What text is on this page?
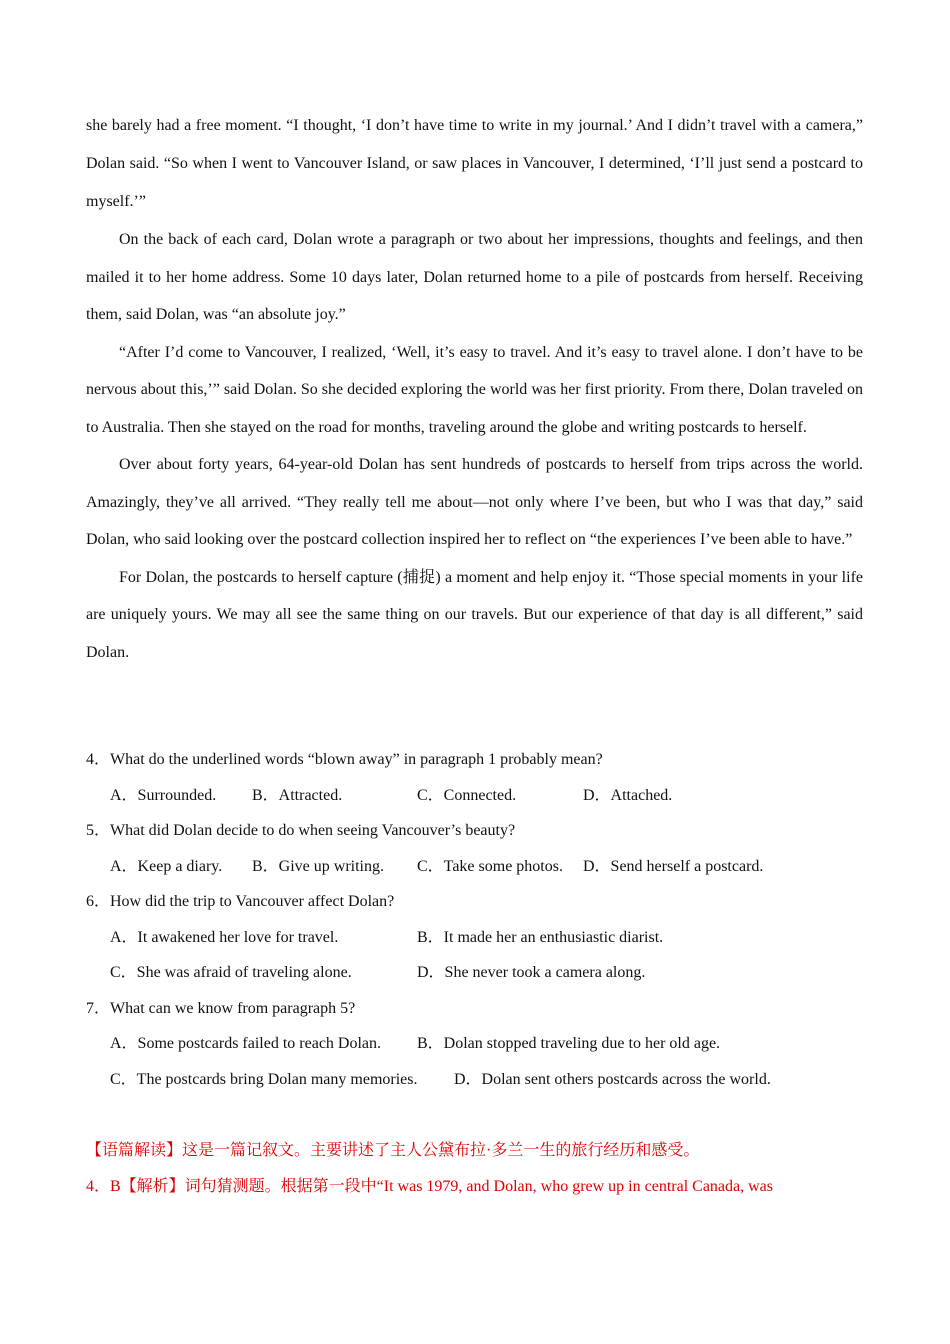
she barely had a free moment. “I thought, ‘I don’t have time to write in my journal.’ And I didn’t travel with a camera,” Dolan said. “So when I went to Vancouver Island, or saw places in Vancouver, I determined, ‘I’ll just send a postcard to myself.’”

On the back of each card, Dolan wrote a paragraph or two about her impressions, thoughts and feelings, and then mailed it to her home address. Some 10 days later, Dolan returned home to a pile of postcards from herself. Receiving them, said Dolan, was “an absolute joy.”

“After I’d come to Vancouver, I realized, ‘Well, it’s easy to travel. And it’s easy to travel alone. I don’t have to be nervous about this,’” said Dolan. So she decided exploring the world was her first priority. From there, Dolan traveled on to Australia. Then she stayed on the road for months, traveling around the globe and writing postcards to herself.

Over about forty years, 64-year-old Dolan has sent hundreds of postcards to herself from trips across the world. Amazingly, they’ve all arrived. “They really tell me about—not only where I’ve been, but who I was that day,” said Dolan, who said looking over the postcard collection inspired her to reflect on “the experiences I’ve been able to have.”

For Dolan, the postcards to herself capture (捕捉) a moment and help enjoy it. “Those special moments in your life are uniquely yours. We may all see the same thing on our travels. But our experience of that day is all different,” said Dolan.

4．What do the underlined words “blown away” in paragraph 1 probably mean?
A．Surrounded. B．Attracted.	C．Connected.	D．Attached.
5．What did Dolan decide to do when seeing Vancouver’s beauty?
A．Keep a diary. B．Give up writing. C．Take some photos. D．Send herself a postcard.
6．How did the trip to Vancouver affect Dolan?
A．It awakened her love for travel.	B．It made her an enthusiastic diarist.
C．She was afraid of traveling alone.	D．She never took a camera along.
7．What can we know from paragraph 5?
A．Some postcards failed to reach Dolan. B．Dolan stopped traveling due to her old age.
C．The postcards bring Dolan many memories. D．Dolan sent others postcards across the world.
【语篇解读】这是一篇记叙文。主要讲述了主人公黛布拉·多兰一生的旅行经历和感受。
4．B【解析】词句猜测题。根据第一段中“It was 1979, and Dolan, who grew up in central Canada, was
